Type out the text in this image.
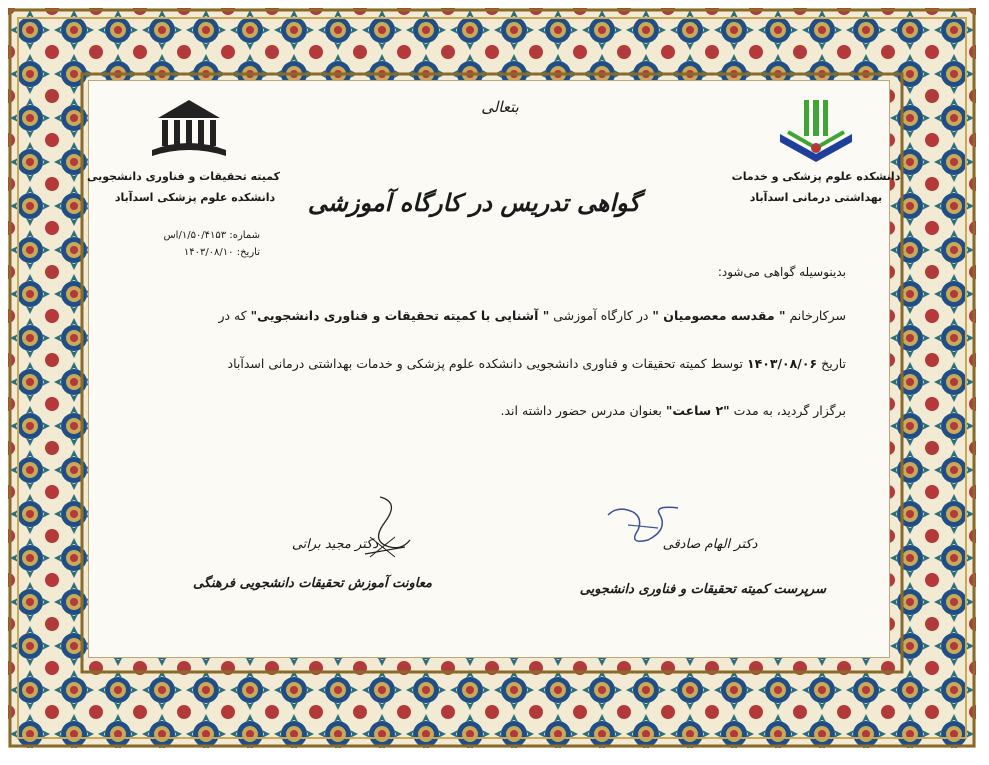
بتعالی
گواهی تدریس در کارگاه آموزشی
کمیته تحقیقات و فناوری دانشجویی
دانشکده علوم پزشکی اسدآباد
شماره: ۱/۵۰/۴۱۵۳/اس
تاریخ: ۱۴۰۳/۰۸/۱۰
دانشکده علوم پزشکی و خدمات
بهداشتی درمانی اسدآباد
بدینوسیله گواهی می‌شود:
سرکارخانم " مقدسه معصومیان " در کارگاه آموزشی " آشنایی با کمیته تحقیقات و فناوری دانشجویی" که در
تاریخ ۱۴۰۳/۰۸/۰۶ توسط کمیته تحقیقات و فناوری دانشجویی دانشکده علوم پزشکی و خدمات بهداشتی درمانی اسدآباد
برگزار گردید، به مدت "۲ ساعت" بعنوان مدرس حضور داشته اند.
دکتر الهام صادقی
سرپرست کمیته تحقیقات و فناوری دانشجویی
دکتر مجید براتی
معاونت آموزش تحقیقات دانشجویی فرهنگی
